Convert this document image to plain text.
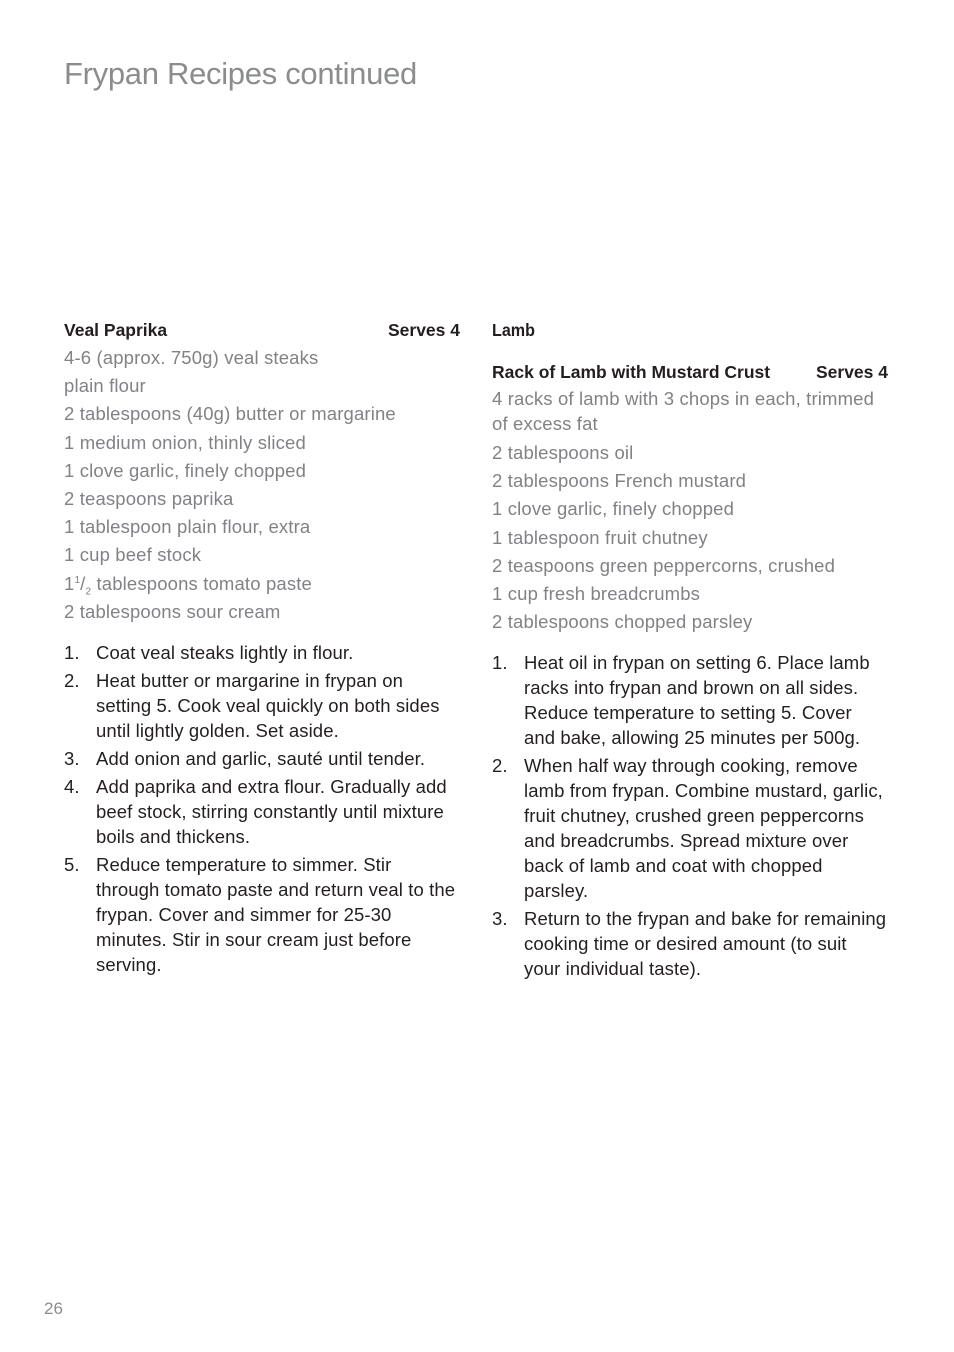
Frypan Recipes continued
Veal Paprika	Serves 4
4-6 (approx. 750g) veal steaks
plain flour
2 tablespoons (40g) butter or margarine
1 medium onion, thinly sliced
1 clove garlic, finely chopped
2 teaspoons paprika
1 tablespoon plain flour, extra
1 cup beef stock
$1^1/_2$ tablespoons tomato paste
2 tablespoons sour cream
1. Coat veal steaks lightly in flour.
2. Heat butter or margarine in frypan on setting 5. Cook veal quickly on both sides until lightly golden. Set aside.
3. Add onion and garlic, sauté until tender.
4. Add paprika and extra flour. Gradually add beef stock, stirring constantly until mixture boils and thickens.
5. Reduce temperature to simmer. Stir through tomato paste and return veal to the frypan. Cover and simmer for 25-30 minutes. Stir in sour cream just before serving.
Lamb
Rack of Lamb with Mustard Crust	Serves 4
4 racks of lamb with 3 chops in each, trimmed of excess fat
2 tablespoons oil
2 tablespoons French mustard
1 clove garlic, finely chopped
1 tablespoon fruit chutney
2 teaspoons green peppercorns, crushed
1 cup fresh breadcrumbs
2 tablespoons chopped parsley
1. Heat oil in frypan on setting 6. Place lamb racks into frypan and brown on all sides. Reduce temperature to setting 5. Cover and bake, allowing 25 minutes per 500g.
2. When half way through cooking, remove lamb from frypan. Combine mustard, garlic, fruit chutney, crushed green peppercorns and breadcrumbs. Spread mixture over back of lamb and coat with chopped parsley.
3. Return to the frypan and bake for remaining cooking time or desired amount (to suit your individual taste).

26
